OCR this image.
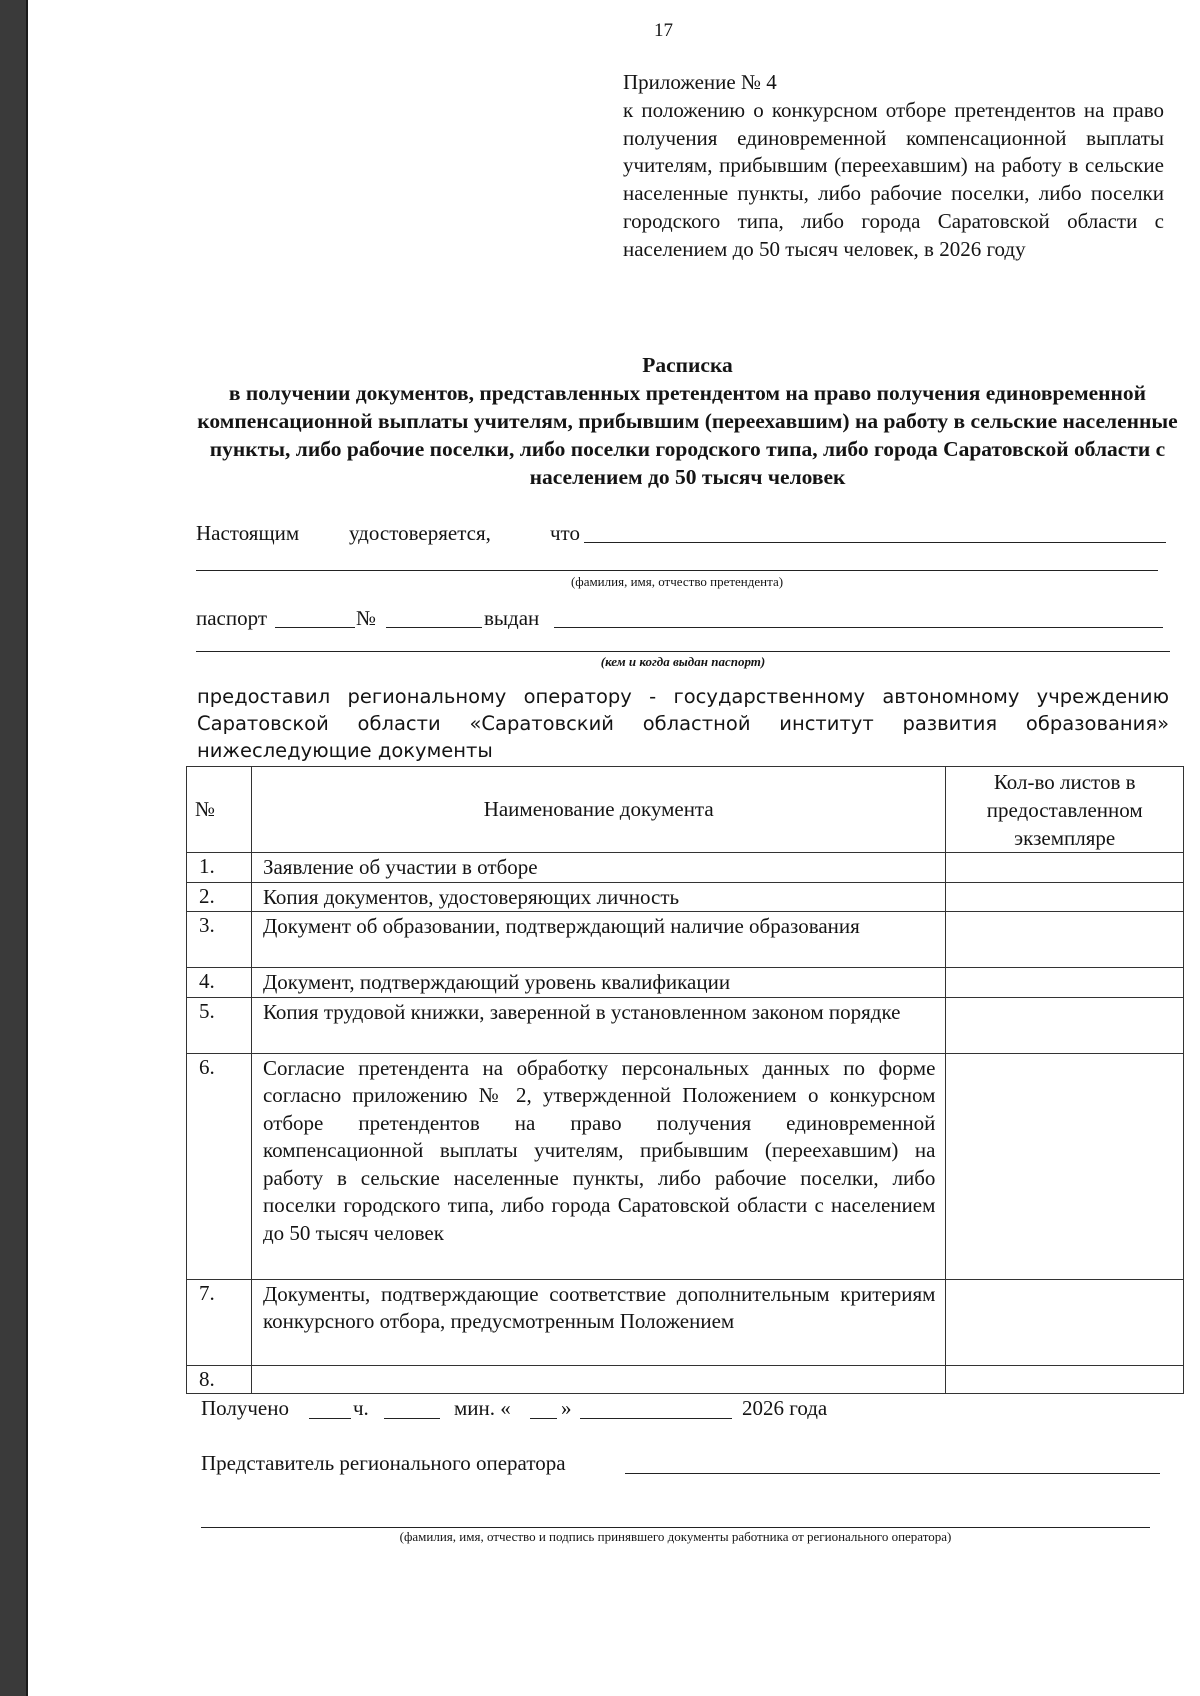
17
Приложение № 4
к положению о конкурсном отборе претендентов на право получения единовременной компенсационной выплаты учителям, прибывшим (переехавшим) на работу в сельские населенные пункты, либо рабочие поселки, либо поселки городского типа, либо города Саратовской области с населением до 50 тысяч человек, в 2026 году
Расписка
в получении документов, представленных претендентом на право получения единовременной компенсационной выплаты учителям, прибывшим (переехавшим) на работу в сельские населенные пункты, либо рабочие поселки, либо поселки городского типа, либо города Саратовской области с населением до 50 тысяч человек
Настоящим удостоверяется,	что
(фамилия, имя, отчество претендента)
паспорт	№	выдан
(кем и когда выдан паспорт)
предоставил региональному оператору - государственному автономному учреждению Саратовской области «Саратовский областной институт развития образования» нижеследующие документы
№	Наименование документа	Кол-во листов в предоставленном экземпляре
1.	Заявление об участии в отборе	
2.	Копия документов, удостоверяющих личность	
3.	Документ об образовании, подтверждающий наличие образования	
4.	Документ, подтверждающий уровень квалификации	
5.	Копия трудовой книжки, заверенной в установленном законом порядке	
6.	Согласие претендента на обработку персональных данных по форме согласно приложению № 2, утвержденной Положением о конкурсном отборе претендентов на право получения единовременной компенсационной выплаты учителям, прибывшим (переехавшим) на работу в сельские населенные пункты, либо рабочие поселки, либо поселки городского типа, либо города Саратовской области с населением до 50 тысяч человек	
7.	Документы, подтверждающие соответствие дополнительным критериям конкурсного отбора, предусмотренным Положением	
8.		
Получено	ч.	мин. « »	2026 года
Представитель регионального оператора
(фамилия, имя, отчество и подпись принявшего документы работника от регионального оператора)
